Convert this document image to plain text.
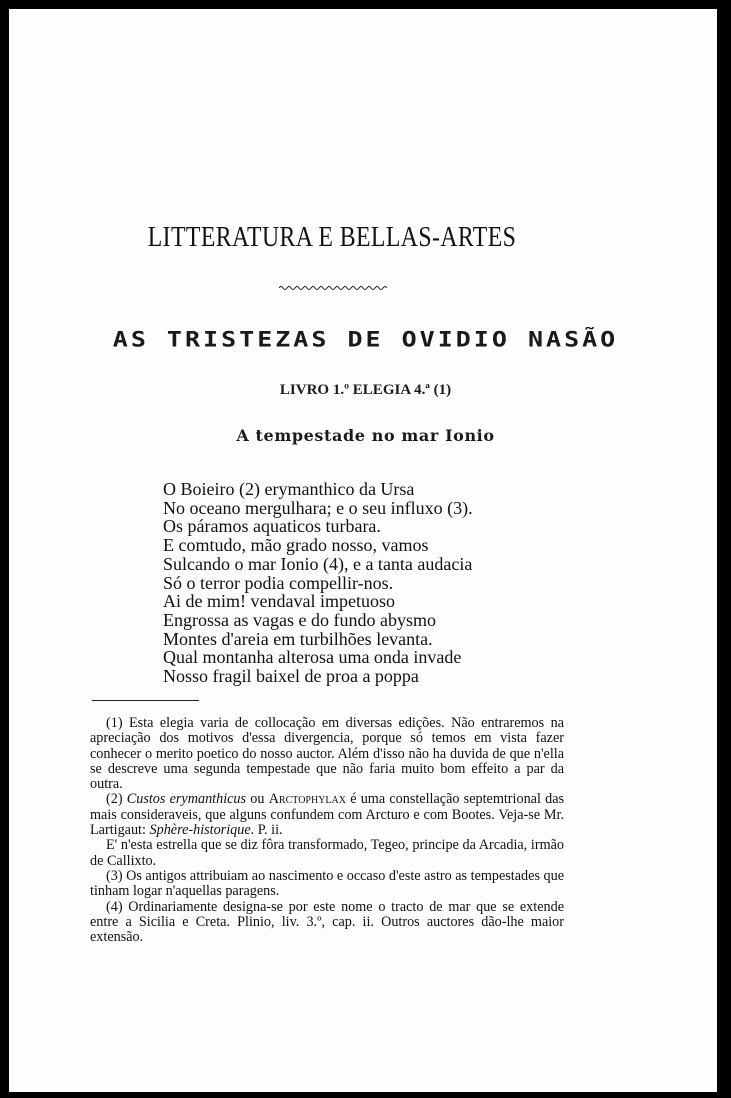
LITTERATURA E BELLAS-ARTES
AS TRISTEZAS DE OVIDIO NASÃO

LIVRO 1.º ELEGIA 4.ª (1)

A tempestade no mar Ionio

O Boieiro (2) erymanthico da Ursa
No oceano mergulhara; e o seu influxo (3).
Os páramos aquaticos turbara.
E comtudo, mão grado nosso, vamos
Sulcando o mar Ionio (4), e a tanta audacia
Só o terror podia compellir-nos.
Ai de mim! vendaval impetuoso
Engrossa as vagas e do fundo abysmo
Montes d'areia em turbilhões levanta.
Qual montanha alterosa uma onda invade
Nosso fragil baixel de proa a poppa

(1) Esta elegia varia de collocação em diversas edições. Não entraremos na apreciação dos motivos d'essa divergencia, porque só temos em vista fazer conhecer o merito poetico do nosso auctor. Além d'isso não ha duvida de que n'ella se descreve uma segunda tempestade que não faria muito bom effeito a par da outra.

(2) Custos erymanthicus ou Arctophylax é uma constellação septemtrional das mais consideraveis, que alguns confundem com Arcturo e com Bootes. Veja-se Mr. Lartigaut: Sphère-historique. P. ii.

E' n'esta estrella que se diz fôra transformado, Tegeo, principe da Arcadia, irmão de Callixto.

(3) Os antigos attribuiam ao nascimento e occaso d'este astro as tempestades que tinham logar n'aquellas paragens.

(4) Ordinariamente designa-se por este nome o tracto de mar que se extende entre a Sicilia e Creta. Plinio, liv. 3.º, cap. ii. Outros auctores dão-lhe maior extensão.
